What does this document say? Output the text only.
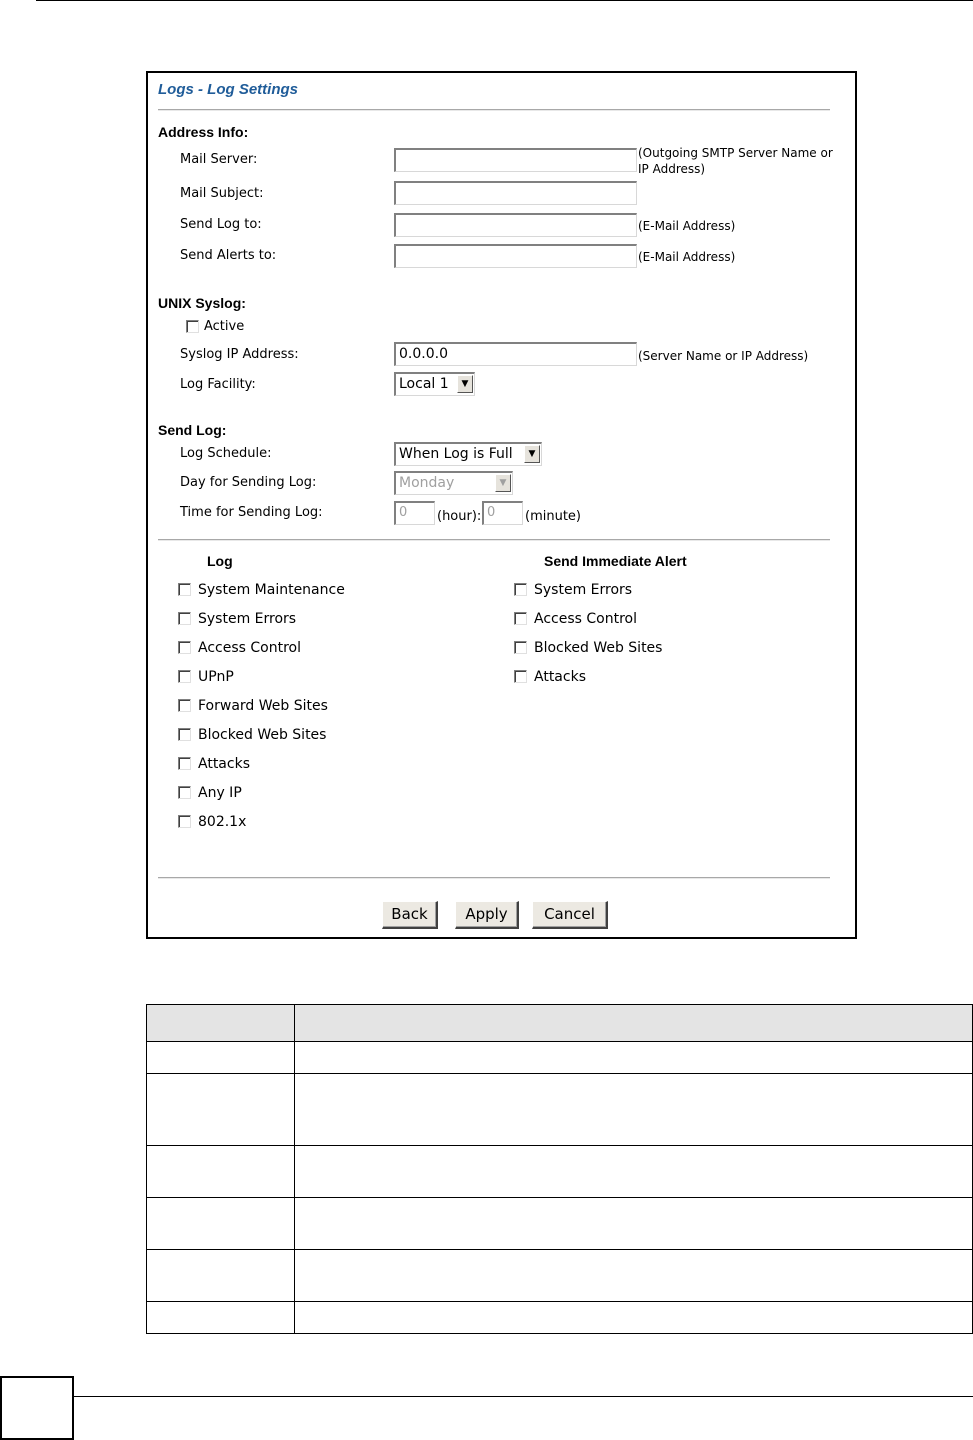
Logs - Log Settings
Address Info:
Mail Server:	(Outgoing SMTP Server Name or IP Address)
Mail Subject:
Send Log to:	(E-Mail Address)
Send Alerts to:	(E-Mail Address)
UNIX Syslog:
Active
Syslog IP Address:	0.0.0.0	(Server Name or IP Address)
Log Facility:	Local 1	▼
Send Log:
Log Schedule:	When Log is Full	▼
Day for Sending Log:	Monday	▼
Time for Sending Log:	0	(hour): 0	(minute)
Log
System Maintenance
System Errors
Access Control
UPnP
Forward Web Sites
Blocked Web Sites
Attacks
Any IP
802.1x
Send Immediate Alert
System Errors
Access Control
Blocked Web Sites
Attacks
Back	Apply	Cancel
